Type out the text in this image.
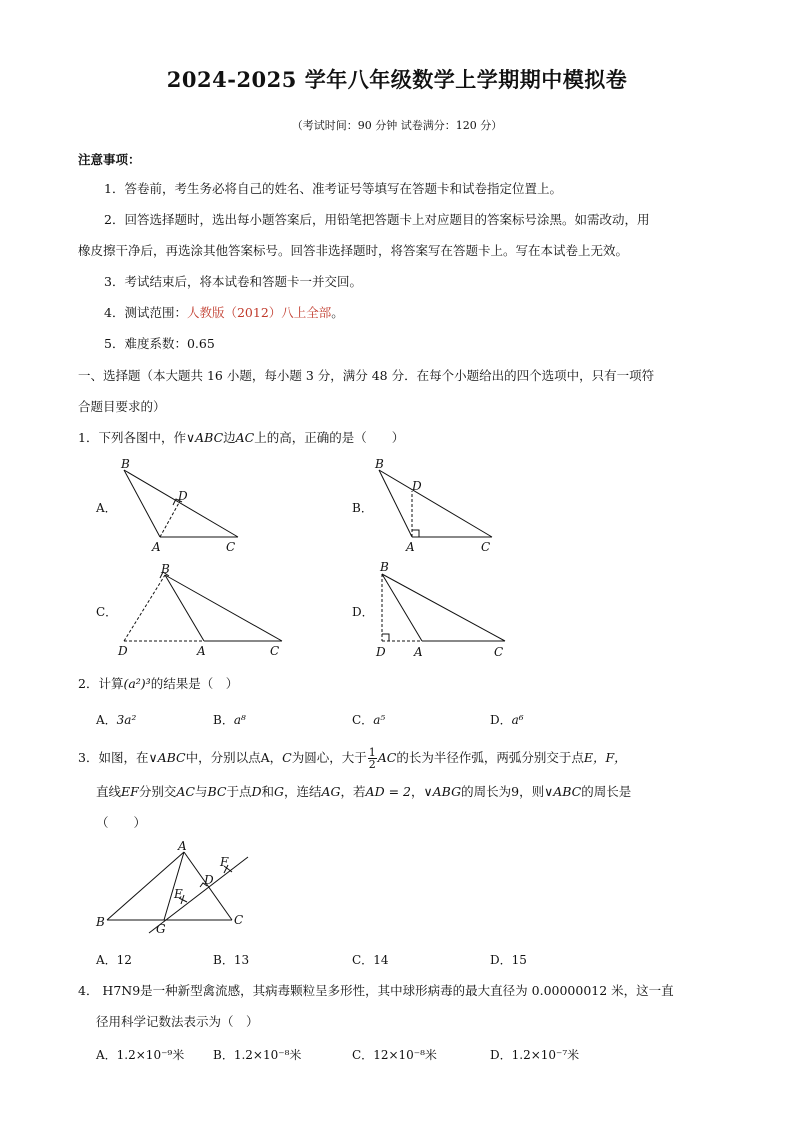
2024-2025 学年八年级数学上学期期中模拟卷
（考试时间：90 分钟 试卷满分：120 分）
注意事项：
1．答卷前，考生务必将自己的姓名、准考证号等填写在答题卡和试卷指定位置上。
2．回答选择题时，选出每小题答案后，用铅笔把答题卡上对应题目的答案标号涂黑。如需改动，用
橡皮擦干净后，再选涂其他答案标号。回答非选择题时，将答案写在答题卡上。写在本试卷上无效。
3．考试结束后，将本试卷和答题卡一并交回。
4．测试范围：人教版（2012）八上全部。
5．难度系数：0.65
一、选择题（本大题共 16 小题，每小题 3 分，满分 48 分．在每个小题给出的四个选项中，只有一项符
合题目要求的）
1．下列各图中，作∨ABC边AC上的高，正确的是（　　）
A．	B．
C．	D．
B
D
A	C
B
D
A	C
B
D	A	C
B
D A	C
A
B	C
D
E
F
G
2．计算(a²)³的结果是（　）
A．3a²	B．a⁸	C．a⁵	D．a⁶
3．如图，在∨ABC中，分别以点A，C为圆心，大于 $\frac{1}{2}$ AC的长为半径作弧，两弧分别交于点E，F，
直线EF分别交AC与BC于点D和G，连结AG，若AD = 2，∨ABG的周长为9，则∨ABC的周长是
（　　）
A．12	B．13	C．14	D．15
4． H7N9是一种新型禽流感，其病毒颗粒呈多形性，其中球形病毒的最大直径为 0.00000012 米，这一直
径用科学记数法表示为（　）
A．1.2×10⁻⁹米 B．1.2×10⁻⁸米	C．12×10⁻⁸米	D．1.2×10⁻⁷米
